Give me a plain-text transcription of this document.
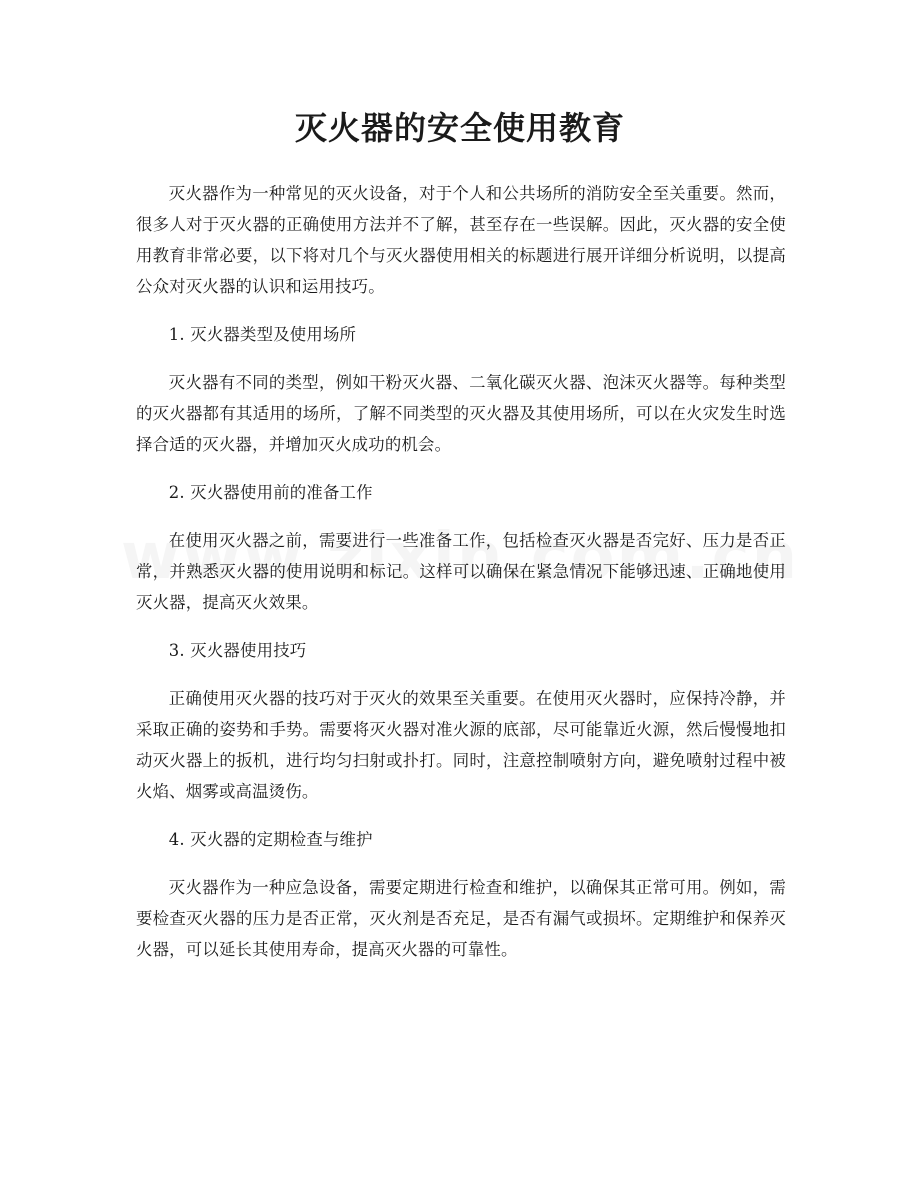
灭火器的安全使用教育

灭火器作为一种常见的灭火设备，对于个人和公共场所的消防安全至关重要。然而，很多人对于灭火器的正确使用方法并不了解，甚至存在一些误解。因此，灭火器的安全使用教育非常必要，以下将对几个与灭火器使用相关的标题进行展开详细分析说明，以提高公众对灭火器的认识和运用技巧。

1. 灭火器类型及使用场所

灭火器有不同的类型，例如干粉灭火器、二氧化碳灭火器、泡沫灭火器等。每种类型的灭火器都有其适用的场所，了解不同类型的灭火器及其使用场所，可以在火灾发生时选择合适的灭火器，并增加灭火成功的机会。

2. 灭火器使用前的准备工作

在使用灭火器之前，需要进行一些准备工作，包括检查灭火器是否完好、压力是否正常，并熟悉灭火器的使用说明和标记。这样可以确保在紧急情况下能够迅速、正确地使用灭火器，提高灭火效果。

3. 灭火器使用技巧

正确使用灭火器的技巧对于灭火的效果至关重要。在使用灭火器时，应保持冷静，并采取正确的姿势和手势。需要将灭火器对准火源的底部，尽可能靠近火源，然后慢慢地扣动灭火器上的扳机，进行均匀扫射或扑打。同时，注意控制喷射方向，避免喷射过程中被火焰、烟雾或高温烫伤。

4. 灭火器的定期检查与维护

灭火器作为一种应急设备，需要定期进行检查和维护，以确保其正常可用。例如，需要检查灭火器的压力是否正常，灭火剂是否充足，是否有漏气或损坏。定期维护和保养灭火器，可以延长其使用寿命，提高灭火器的可靠性。
